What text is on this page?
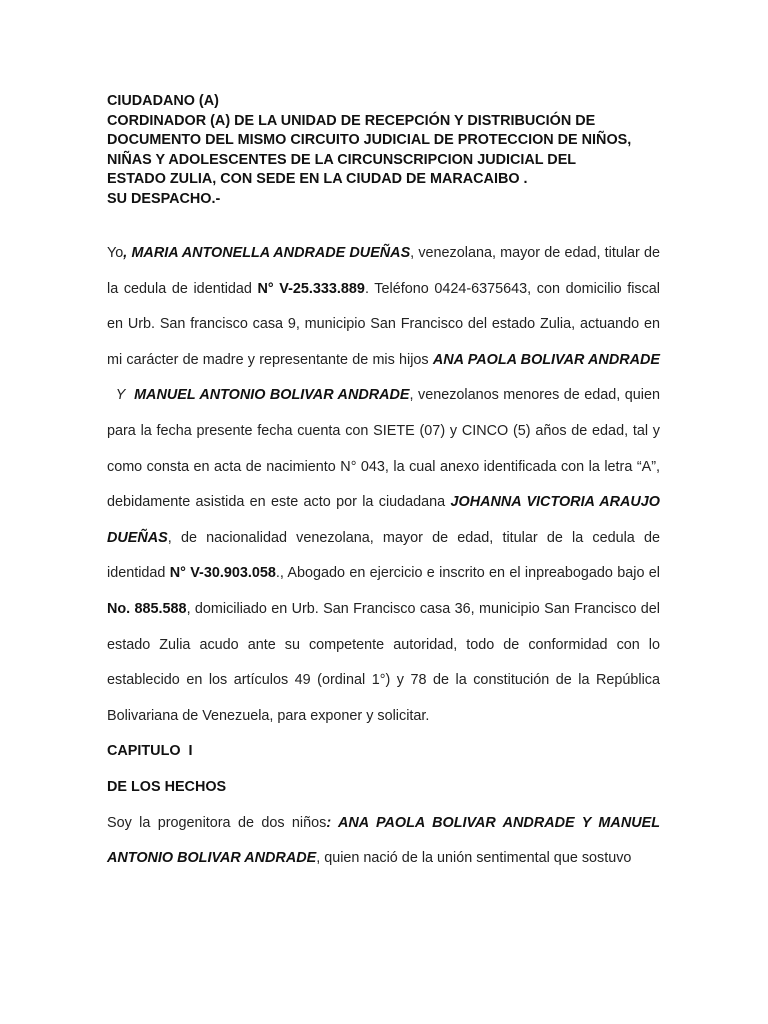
CIUDADANO (A)
CORDINADOR (A) DE LA UNIDAD DE RECEPCIÓN Y DISTRIBUCIÓN DE
DOCUMENTO DEL MISMO CIRCUITO JUDICIAL DE PROTECCION DE NIÑOS,
NIÑAS Y ADOLESCENTES DE LA CIRCUNSCRIPCION JUDICIAL DEL
ESTADO ZULIA, CON SEDE EN LA CIUDAD DE MARACAIBO .
SU DESPACHO.-

Yo, MARIA ANTONELLA ANDRADE DUEÑAS, venezolana, mayor de edad, titular de la cedula de identidad N° V-25.333.889. Teléfono 0424-6375643, con domicilio fiscal en Urb. San francisco casa 9, municipio San Francisco del estado Zulia, actuando en mi carácter de madre y representante de mis hijos ANA PAOLA BOLIVAR ANDRADE  Y  MANUEL ANTONIO BOLIVAR ANDRADE, venezolanos menores de edad, quien para la fecha presente fecha cuenta con SIETE (07) y CINCO (5) años de edad, tal y como consta en acta de nacimiento N° 043, la cual anexo identificada con la letra “A”, debidamente asistida en este acto por la ciudadana JOHANNA VICTORIA ARAUJO DUEÑAS, de nacionalidad venezolana, mayor de edad, titular de la cedula de identidad N° V-30.903.058., Abogado en ejercicio e inscrito en el inpreabogado bajo el No. 885.588, domiciliado en Urb. San Francisco casa 36, municipio San Francisco del estado Zulia acudo ante su competente autoridad, todo de conformidad con lo establecido en los artículos 49 (ordinal 1°) y 78 de la constitución de la República Bolivariana de Venezuela, para exponer y solicitar.

CAPITULO  I

DE LOS HECHOS

Soy la progenitora de dos niños: ANA PAOLA BOLIVAR ANDRADE Y MANUEL ANTONIO BOLIVAR ANDRADE, quien nació de la unión sentimental que sostuvo
